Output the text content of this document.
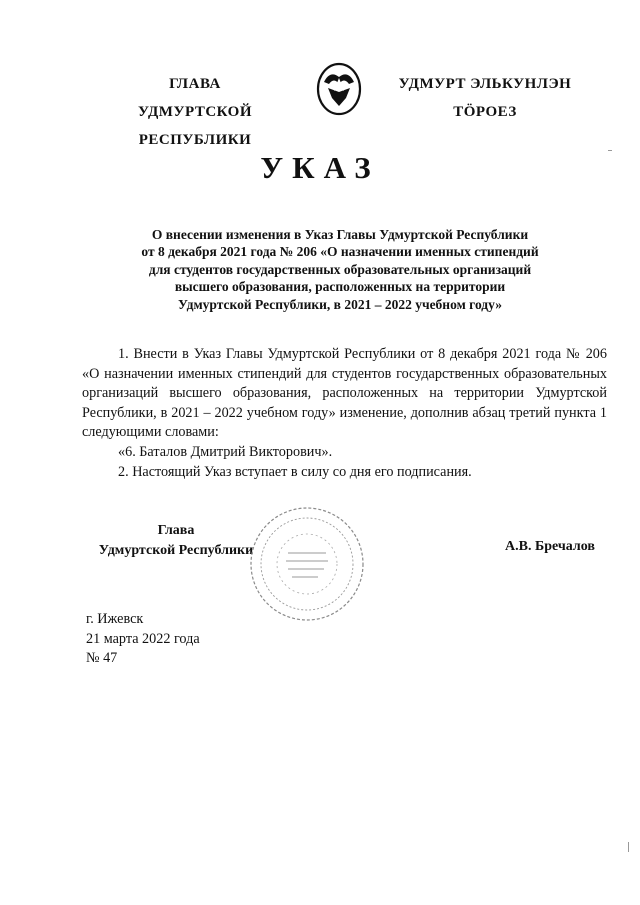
ГЛАВА
УДМУРТСКОЙ РЕСПУБЛИКИ
УДМУРТ ЭЛЬКУНЛЭН
ТӦРОЕЗ
УКАЗ
О внесении изменения в Указ Главы Удмуртской Республики
от 8 декабря 2021 года № 206 «О назначении именных стипендий
для студентов государственных образовательных организаций
высшего образования, расположенных на территории
Удмуртской Республики, в 2021 – 2022 учебном году»

1. Внести в Указ Главы Удмуртской Республики от 8 декабря 2021 года № 206 «О назначении именных стипендий для студентов государственных образовательных организаций высшего образования, расположенных на территории Удмуртской Республики, в 2021 – 2022 учебном году» изменение, дополнив абзац третий пункта 1 следующими словами:

«6. Баталов Дмитрий Викторович».

2. Настоящий Указ вступает в силу со дня его подписания.

Глава
Удмуртской Республики	А.В. Бречалов
г. Ижевск
21 марта 2022 года
№ 47
